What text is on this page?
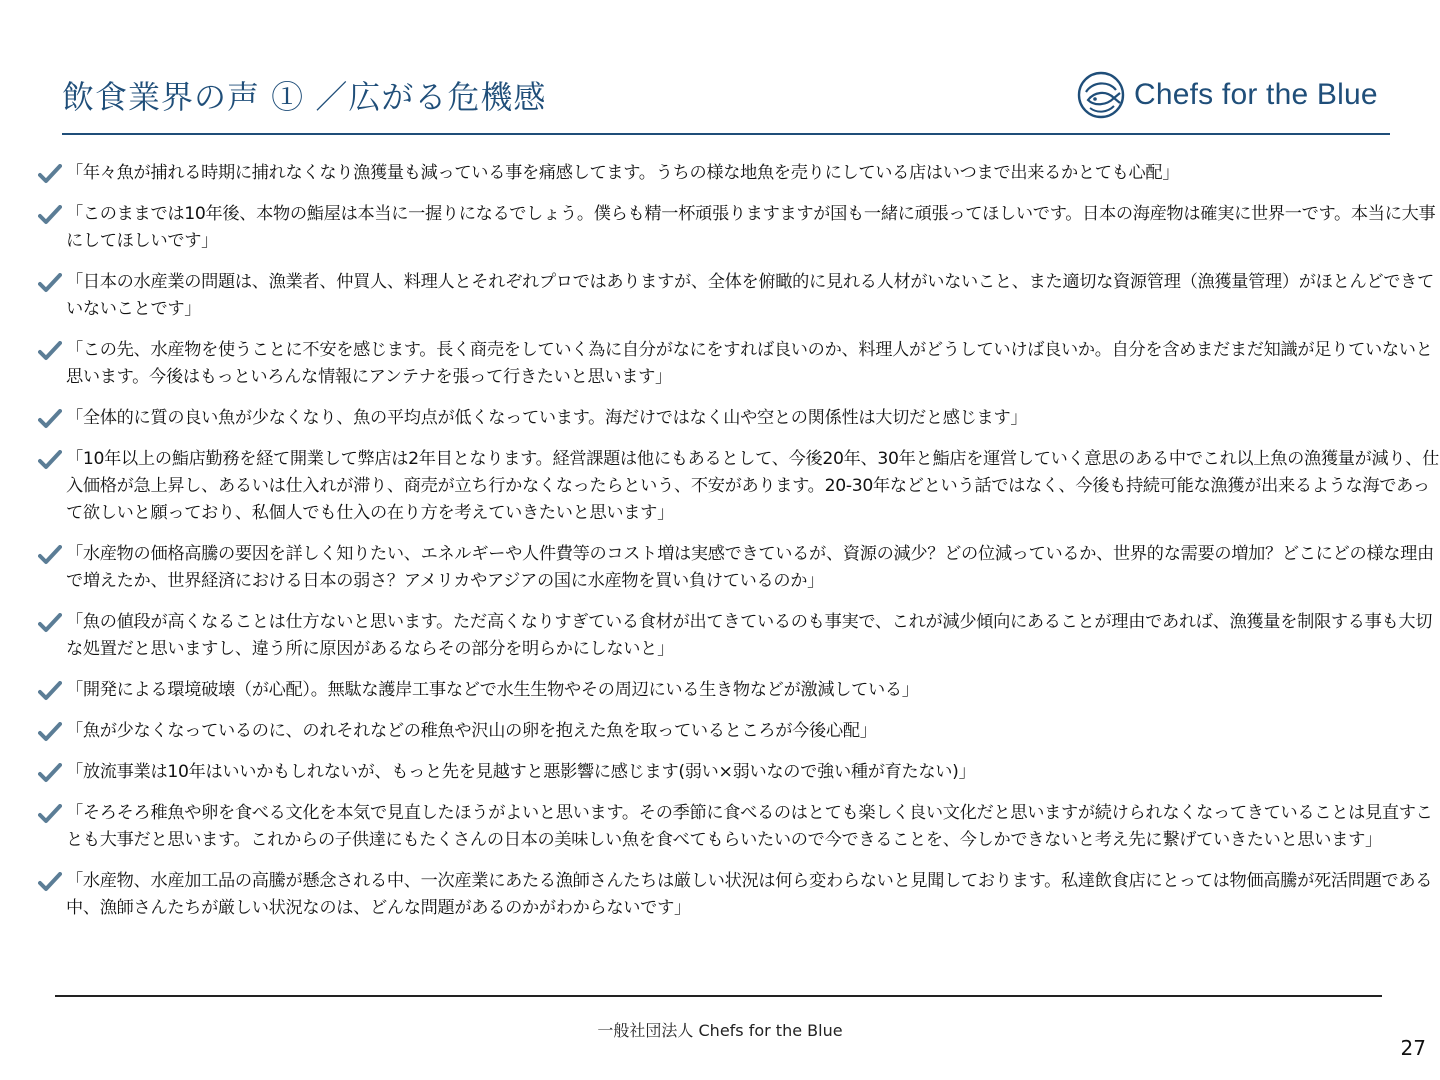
飲食業界の声 ① ／広がる危機感	Chefs for the Blue
「年々魚が捕れる時期に捕れなくなり漁獲量も減っている事を痛感してます。うちの様な地魚を売りにしている店はいつまで出来るかとても心配」
「このままでは10年後、本物の鮨屋は本当に一握りになるでしょう。僕らも精一杯頑張りますますが国も一緒に頑張ってほしいです。日本の海産物は確実に世界一です。本当に大事にしてほしいです」
「日本の水産業の問題は、漁業者、仲買人、料理人とそれぞれプロではありますが、全体を俯瞰的に見れる人材がいないこと、また適切な資源管理（漁獲量管理）がほとんどできていないことです」
「この先、水産物を使うことに不安を感じます。長く商売をしていく為に自分がなにをすれば良いのか、料理人がどうしていけば良いか。自分を含めまだまだ知識が足りていないと思います。今後はもっといろんな情報にアンテナを張って行きたいと思います」
「全体的に質の良い魚が少なくなり、魚の平均点が低くなっています。海だけではなく山や空との関係性は大切だと感じます」
「10年以上の鮨店勤務を経て開業して弊店は2年目となります。経営課題は他にもあるとして、今後20年、30年と鮨店を運営していく意思のある中でこれ以上魚の漁獲量が減り、仕入価格が急上昇し、あるいは仕入れが滞り、商売が立ち行かなくなったらという、不安があります。20-30年などという話ではなく、今後も持続可能な漁獲が出来るような海であって欲しいと願っており、私個人でも仕入の在り方を考えていきたいと思います」
「水産物の価格高騰の要因を詳しく知りたい、エネルギーや人件費等のコスト増は実感できているが、資源の減少？どの位減っているか、世界的な需要の増加？どこにどの様な理由で増えたか、世界経済における日本の弱さ？アメリカやアジアの国に水産物を買い負けているのか」
「魚の値段が高くなることは仕方ないと思います。ただ高くなりすぎている食材が出てきているのも事実で、これが減少傾向にあることが理由であれば、漁獲量を制限する事も大切な処置だと思いますし、違う所に原因があるならその部分を明らかにしないと」
「開発による環境破壊（が心配）。無駄な護岸工事などで水生生物やその周辺にいる生き物などが激減している」
「魚が少なくなっているのに、のれそれなどの稚魚や沢山の卵を抱えた魚を取っているところが今後心配」
「放流事業は10年はいいかもしれないが、もっと先を見越すと悪影響に感じます(弱い×弱いなので強い種が育たない)」
「そろそろ稚魚や卵を食べる文化を本気で見直したほうがよいと思います。その季節に食べるのはとても楽しく良い文化だと思いますが続けられなくなってきていることは見直すことも大事だと思います。これからの子供達にもたくさんの日本の美味しい魚を食べてもらいたいので今できることを、今しかできないと考え先に繋げていきたいと思います」
「水産物、水産加工品の高騰が懸念される中、一次産業にあたる漁師さんたちは厳しい状況は何ら変わらないと見聞しております。私達飲食店にとっては物価高騰が死活問題である中、漁師さんたちが厳しい状況なのは、どんな問題があるのかがわからないです」
一般社団法人 Chefs for the Blue
27
